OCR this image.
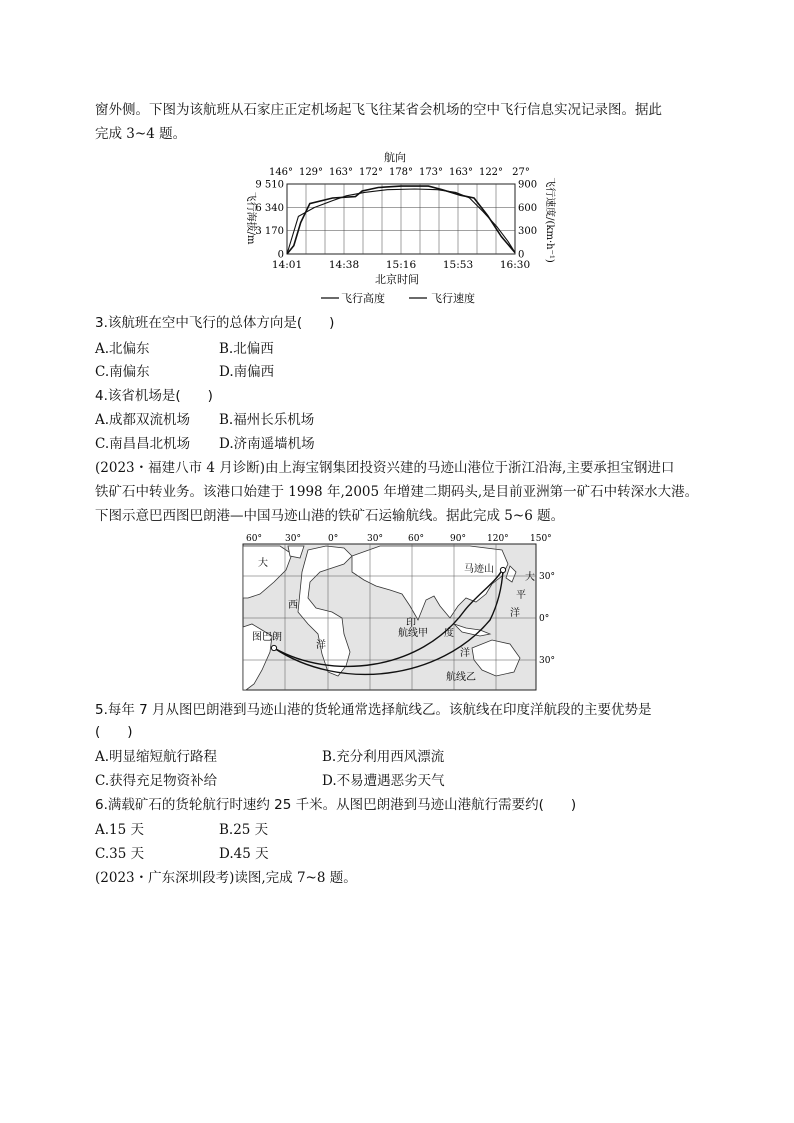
窗外侧。下图为该航班从石家庄正定机场起飞飞往某省会机场的空中飞行信息实况记录图。据此
完成 3~4 题。
航向
146° 129° 163° 172° 178° 173° 163° 122° 27°
9 510
6 340
3 170
0
900
600
300
0
飞行海拔/m	飞行速度/(km·h⁻¹)
14:01	14:38	15:16	15:53	16:30
北京时间
飞行高度	飞行速度
3.该航班在空中飞行的总体方向是(　　)
A.北偏东	B.北偏西
C.南偏东	D.南偏西
4.该省机场是(　　)
A.成都双流机场 B.福州长乐机场
C.南昌昌北机场 D.济南遥墙机场
(2023・福建八市 4 月诊断)由上海宝钢集团投资兴建的马迹山港位于浙江沿海,主要承担宝钢进口
铁矿石中转业务。该港口始建于 1998 年,2005 年增建二期码头,是目前亚洲第一矿石中转深水大港。
下图示意巴西图巴朗港—中国马迹山港的铁矿石运输航线。据此完成 5~6 题。
60°	30°	0°	30°	60°	90° 120° 150°
30°
0°
30°
大
西
洋
印
度
洋
大
平
洋
图巴朗
马迹山
航线甲
航线乙
5.每年 7 月从图巴朗港到马迹山港的货轮通常选择航线乙。该航线在印度洋航段的主要优势是
(　　)
A.明显缩短航行路程	B.充分利用西风漂流
C.获得充足物资补给	D.不易遭遇恶劣天气
6.满载矿石的货轮航行时速约 25 千米。从图巴朗港到马迹山港航行需要约(　　)
A.15 天	B.25 天
C.35 天	D.45 天
(2023・广东深圳段考)读图,完成 7~8 题。
